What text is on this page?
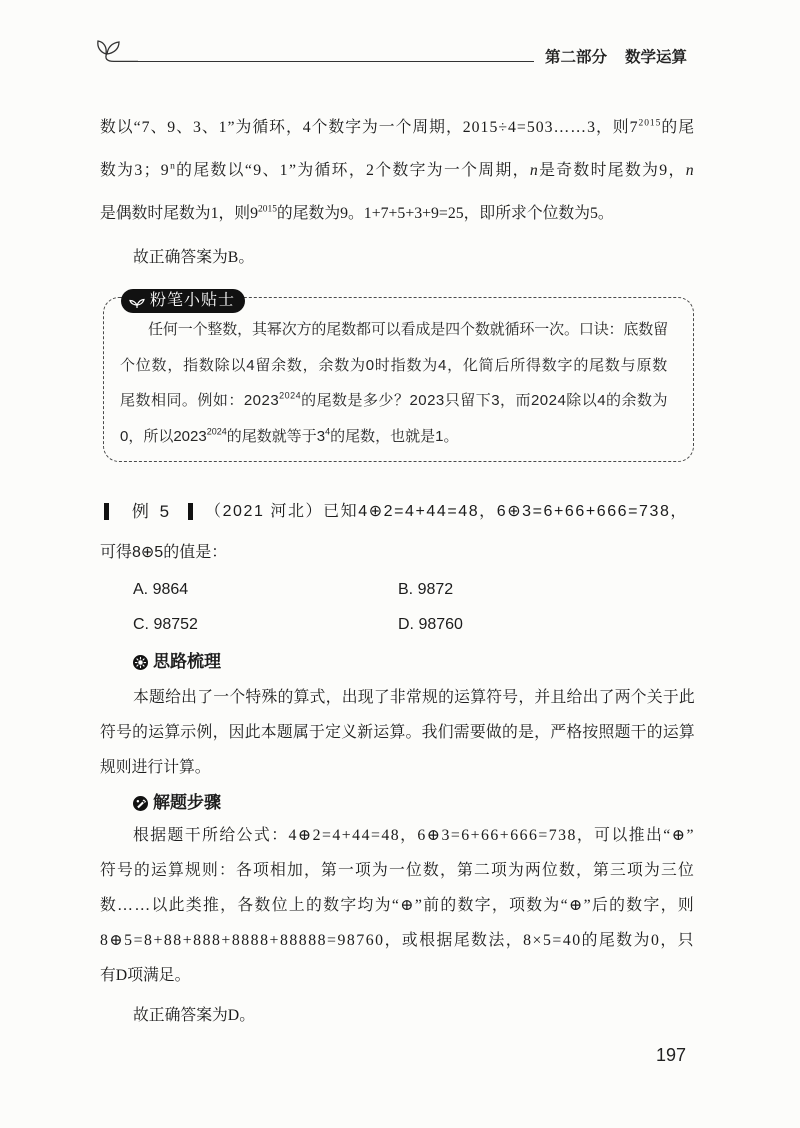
第二部分 数学运算
数以“7、9、3、1”为循环，4个数字为一个周期，2015÷4=503……3，则$7^{2015}$的尾
数为3；9$^n$的尾数以“9、1”为循环，2个数字为一个周期，n是奇数时尾数为9，n
是偶数时尾数为1，则$9^{2015}$的尾数为9。1+7+5+3+9=25，即所求个位数为5。
故正确答案为B。
粉笔小贴士
任何一个整数，其幂次方的尾数都可以看成是四个数就循环一次。口诀：底数留
个位数，指数除以4留余数，余数为0时指数为4，化简后所得数字的尾数与原数
尾数相同。例如：$2023^{2024}$的尾数是多少？2023只留下3，而2024除以4的余数为
0，所以$2023^{2024}$的尾数就等于$3^4$的尾数，也就是1。
例 5	（2021 河北）已知4⊕2=4+44=48，6⊕3=6+66+666=738，
可得8⊕5的值是：
A. 9864	B. 9872
C. 98752	D. 98760
思路梳理
本题给出了一个特殊的算式，出现了非常规的运算符号，并且给出了两个关于此
符号的运算示例，因此本题属于定义新运算。我们需要做的是，严格按照题干的运算
规则进行计算。
解题步骤
根据题干所给公式：4⊕2=4+44=48，6⊕3=6+66+666=738，可以推出“⊕”
符号的运算规则：各项相加，第一项为一位数，第二项为两位数，第三项为三位
数……以此类推，各数位上的数字均为“⊕”前的数字，项数为“⊕”后的数字，则
8⊕5=8+88+888+8888+88888=98760，或根据尾数法，8×5=40的尾数为0，只
有D项满足。
故正确答案为D。
197
